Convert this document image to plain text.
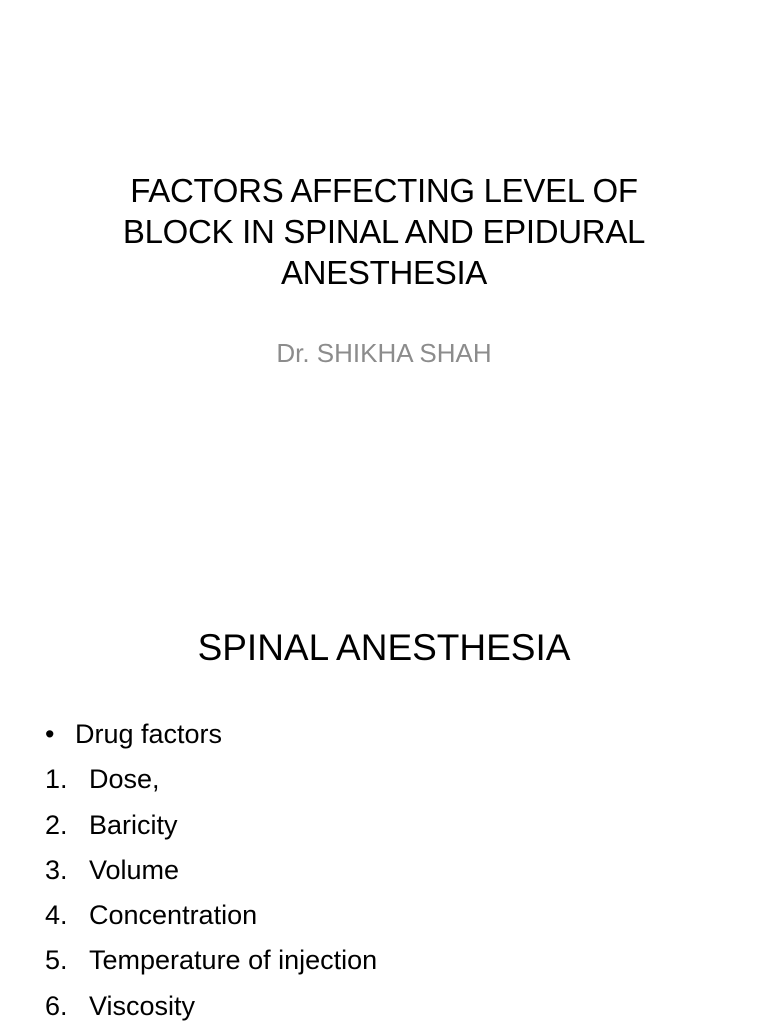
FACTORS AFFECTING LEVEL OF
BLOCK IN SPINAL AND EPIDURAL
ANESTHESIA
Dr. SHIKHA SHAH
SPINAL ANESTHESIA
• Drug factors
1. Dose,
2. Baricity
3. Volume
4. Concentration
5. Temperature of injection
6. Viscosity
